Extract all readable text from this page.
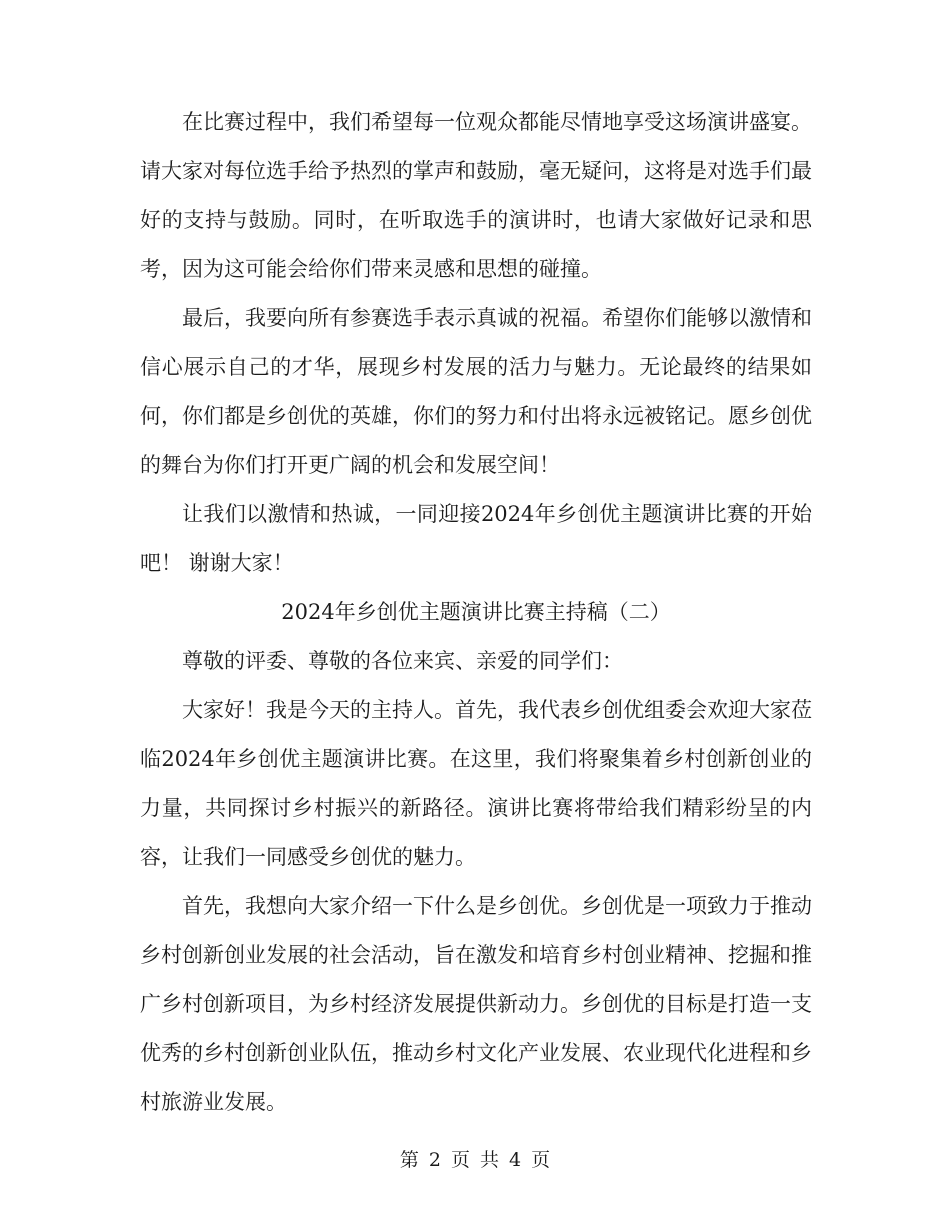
在比赛过程中，我们希望每一位观众都能尽情地享受这场演讲盛宴。请大家对每位选手给予热烈的掌声和鼓励，毫无疑问，这将是对选手们最好的支持与鼓励。同时，在听取选手的演讲时，也请大家做好记录和思考，因为这可能会给你们带来灵感和思想的碰撞。

最后，我要向所有参赛选手表示真诚的祝福。希望你们能够以激情和信心展示自己的才华，展现乡村发展的活力与魅力。无论最终的结果如何，你们都是乡创优的英雄，你们的努力和付出将永远被铭记。愿乡创优的舞台为你们打开更广阔的机会和发展空间！

让我们以激情和热诚，一同迎接2024年乡创优主题演讲比赛的开始吧！ 谢谢大家！

2024年乡创优主题演讲比赛主持稿（二）

尊敬的评委、尊敬的各位来宾、亲爱的同学们：

大家好！我是今天的主持人。首先，我代表乡创优组委会欢迎大家莅临2024年乡创优主题演讲比赛。在这里，我们将聚集着乡村创新创业的力量，共同探讨乡村振兴的新路径。演讲比赛将带给我们精彩纷呈的内容，让我们一同感受乡创优的魅力。

首先，我想向大家介绍一下什么是乡创优。乡创优是一项致力于推动乡村创新创业发展的社会活动，旨在激发和培育乡村创业精神、挖掘和推广乡村创新项目，为乡村经济发展提供新动力。乡创优的目标是打造一支优秀的乡村创新创业队伍，推动乡村文化产业发展、农业现代化进程和乡村旅游业发展。

第 2 页 共 4 页
